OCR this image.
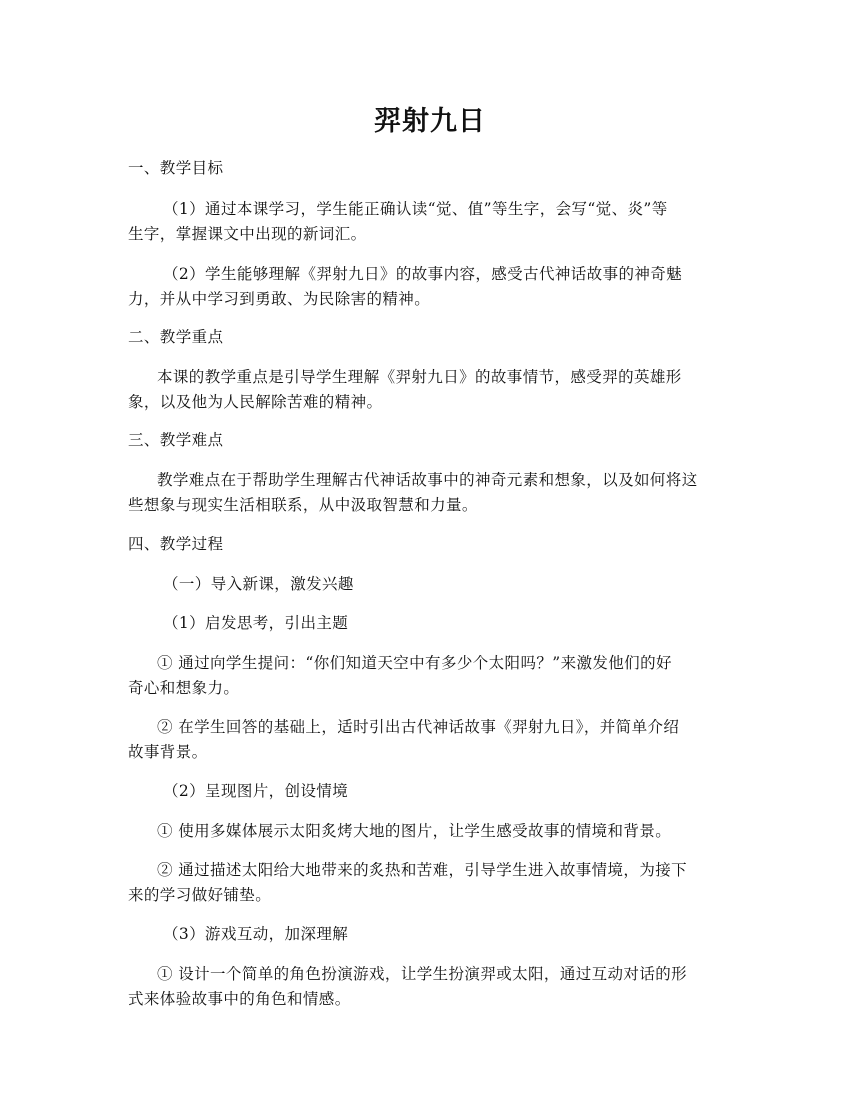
羿射九日
一、教学目标
（1）通过本课学习，学生能正确认读“觉、值”等生字，会写“觉、炎”等
生字，掌握课文中出现的新词汇。
（2）学生能够理解《羿射九日》的故事内容，感受古代神话故事的神奇魅
力，并从中学习到勇敢、为民除害的精神。
二、教学重点
本课的教学重点是引导学生理解《羿射九日》的故事情节，感受羿的英雄形
象，以及他为人民解除苦难的精神。
三、教学难点
教学难点在于帮助学生理解古代神话故事中的神奇元素和想象，以及如何将这
些想象与现实生活相联系，从中汲取智慧和力量。
四、教学过程
（一）导入新课，激发兴趣
（1）启发思考，引出主题
① 通过向学生提问：“你们知道天空中有多少个太阳吗？”来激发他们的好
奇心和想象力。
② 在学生回答的基础上，适时引出古代神话故事《羿射九日》，并简单介绍
故事背景。
（2）呈现图片，创设情境
① 使用多媒体展示太阳炙烤大地的图片，让学生感受故事的情境和背景。
② 通过描述太阳给大地带来的炙热和苦难，引导学生进入故事情境，为接下
来的学习做好铺垫。
（3）游戏互动，加深理解
① 设计一个简单的角色扮演游戏，让学生扮演羿或太阳，通过互动对话的形
式来体验故事中的角色和情感。
